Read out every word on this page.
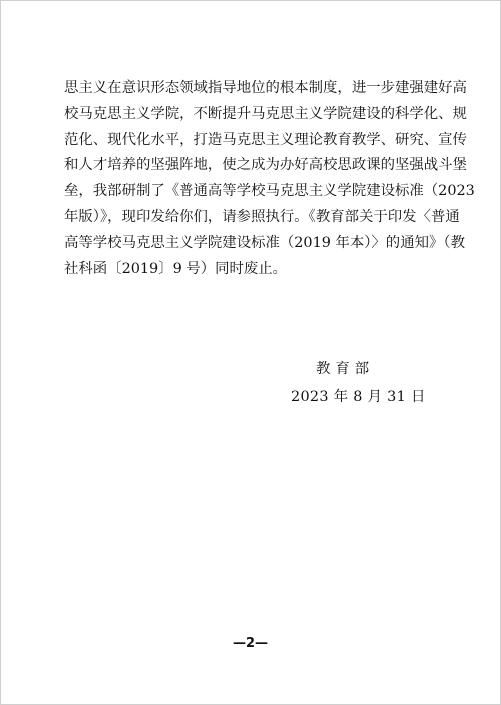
思主义在意识形态领域指导地位的根本制度，进一步建强建好高
校马克思主义学院，不断提升马克思主义学院建设的科学化、规
范化、现代化水平，打造马克思主义理论教育教学、研究、宣传
和人才培养的坚强阵地，使之成为办好高校思政课的坚强战斗堡
垒，我部研制了《普通高等学校马克思主义学院建设标准（2023
年版）》，现印发给你们，请参照执行。《教育部关于印发〈普通
高等学校马克思主义学院建设标准（2019 年本）〉的通知》（教
社科函〔2019〕9 号）同时废止。
教育部
2023 年 8 月 31 日
—2—
